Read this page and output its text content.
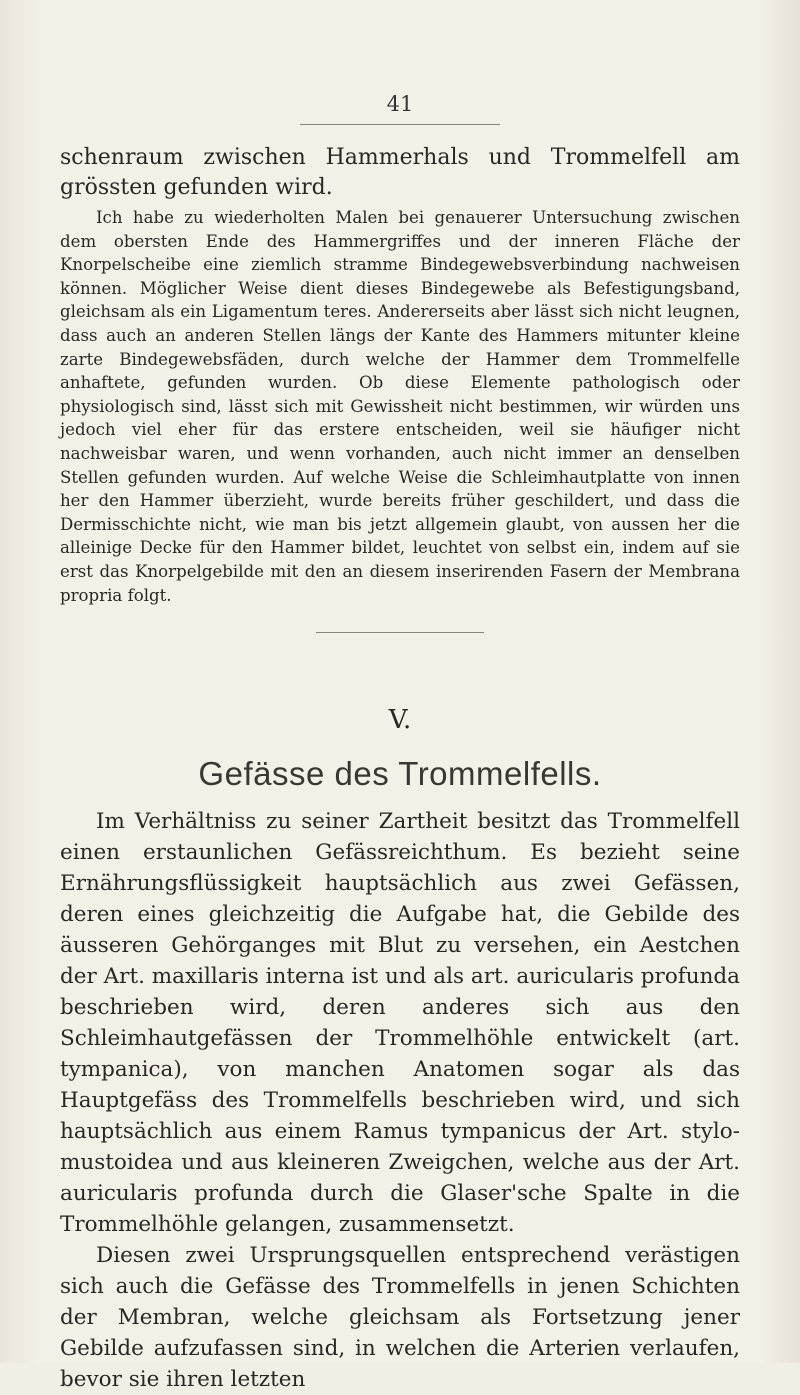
41

schenraum zwischen Hammerhals und Trommelfell am grössten gefunden wird.

Ich habe zu wiederholten Malen bei genauerer Untersuchung zwischen dem obersten Ende des Hammergriffes und der inneren Fläche der Knorpelscheibe eine ziemlich stramme Bindegewebsverbindung nachweisen können. Möglicher Weise dient dieses Bindegewebe als Befestigungsband, gleichsam als ein Ligamentum teres. Andererseits aber lässt sich nicht leugnen, dass auch an anderen Stellen längs der Kante des Hammers mitunter kleine zarte Bindegewebsfäden, durch welche der Hammer dem Trommelfelle anhaftete, gefunden wurden. Ob diese Elemente pathologisch oder physiologisch sind, lässt sich mit Gewissheit nicht bestimmen, wir würden uns jedoch viel eher für das erstere entscheiden, weil sie häufiger nicht nachweisbar waren, und wenn vorhanden, auch nicht immer an denselben Stellen gefunden wurden. Auf welche Weise die Schleimhautplatte von innen her den Hammer überzieht, wurde bereits früher geschildert, und dass die Dermisschichte nicht, wie man bis jetzt allgemein glaubt, von aussen her die alleinige Decke für den Hammer bildet, leuchtet von selbst ein, indem auf sie erst das Knorpelgebilde mit den an diesem inserirenden Fasern der Membrana propria folgt.

V.
Gefässe des Trommelfells.

Im Verhältniss zu seiner Zartheit besitzt das Trommelfell einen erstaunlichen Gefässreichthum. Es bezieht seine Ernährungsflüssigkeit hauptsächlich aus zwei Gefässen, deren eines gleichzeitig die Aufgabe hat, die Gebilde des äusseren Gehörganges mit Blut zu versehen, ein Aestchen der Art. maxillaris interna ist und als art. auricularis profunda beschrieben wird, deren anderes sich aus den Schleimhautgefässen der Trommelhöhle entwickelt (art. tympanica), von manchen Anatomen sogar als das Hauptgefäss des Trommelfells beschrieben wird, und sich hauptsächlich aus einem Ramus tympanicus der Art. stylo-mustoidea und aus kleineren Zweigchen, welche aus der Art. auricularis profunda durch die Glaser'sche Spalte in die Trommelhöhle gelangen, zusammensetzt.

Diesen zwei Ursprungsquellen entsprechend verästigen sich auch die Gefässe des Trommelfells in jenen Schichten der Membran, welche gleichsam als Fortsetzung jener Gebilde aufzufassen sind, in welchen die Arterien verlaufen, bevor sie ihren letzten
